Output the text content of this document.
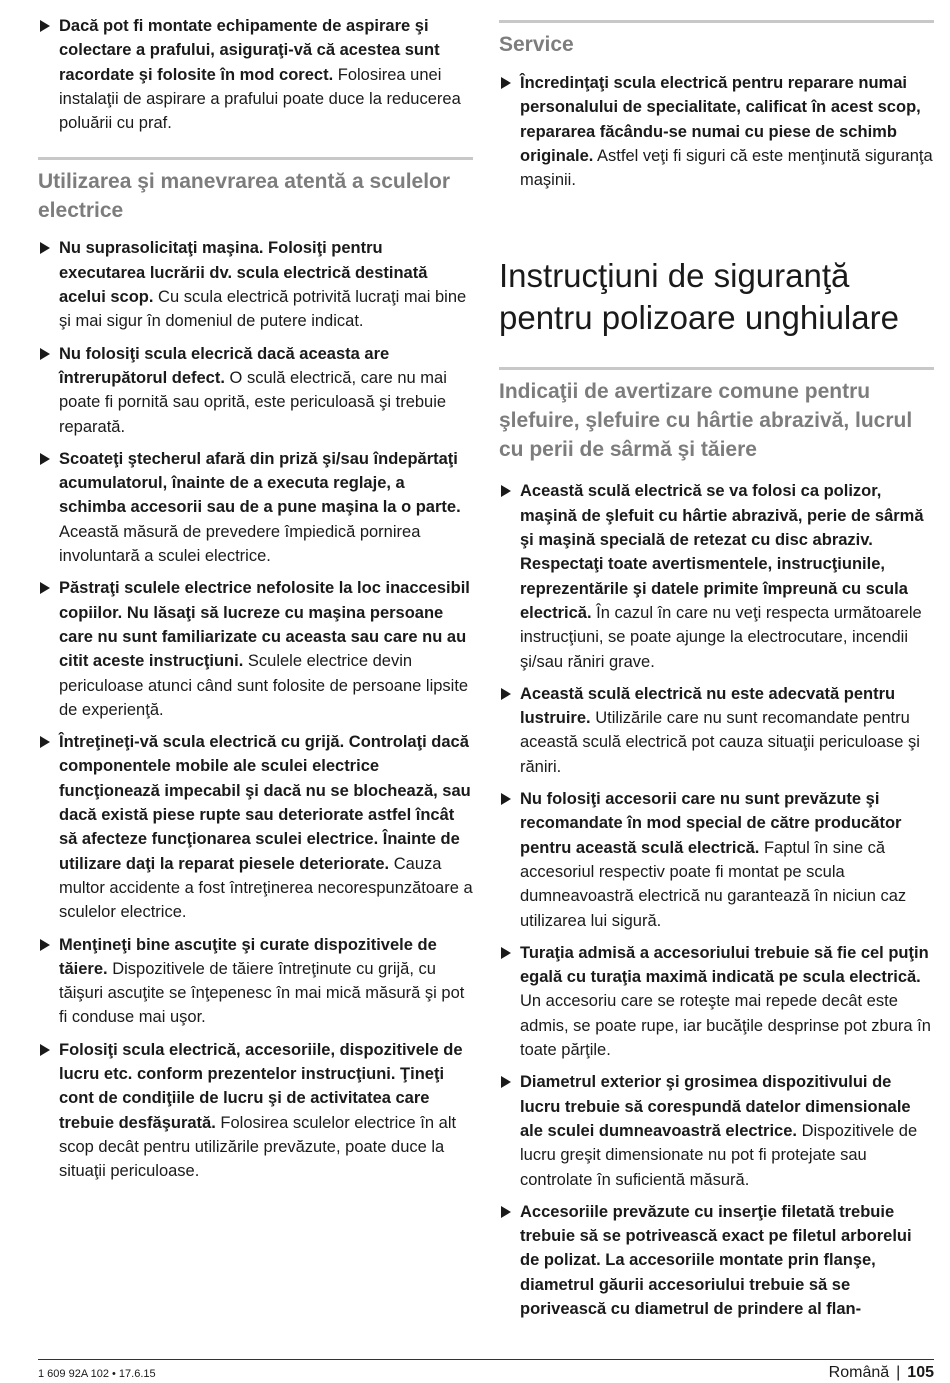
Dacă pot fi montate echipamente de aspirare şi colectare a prafului, asiguraţi-vă că acestea sunt racordate şi folosite în mod corect. Folosirea unei instalaţii de aspirare a prafului poate duce la reducerea poluării cu praf.
Utilizarea şi manevrarea atentă a sculelor electrice
Nu suprasolicitaţi maşina. Folosiţi pentru executarea lucrării dv. scula electrică destinată acelui scop. Cu scula electrică potrivită lucraţi mai bine şi mai sigur în domeniul de putere indicat.
Nu folosiţi scula elecrică dacă aceasta are întrerupătorul defect. O sculă electrică, care nu mai poate fi pornită sau oprită, este periculoasă şi trebuie reparată.
Scoateţi ştecherul afară din priză şi/sau îndepărtaţi acumulatorul, înainte de a executa reglaje, a schimba accesorii sau de a pune maşina la o parte. Această măsură de prevedere împiedică pornirea involuntară a sculei electrice.
Păstraţi sculele electrice nefolosite la loc inaccesibil copiilor. Nu lăsaţi să lucreze cu maşina persoane care nu sunt familiarizate cu aceasta sau care nu au citit aceste instrucţiuni. Sculele electrice devin periculoase atunci când sunt folosite de persoane lipsite de experienţă.
Întreţineţi-vă scula electrică cu grijă. Controlaţi dacă componentele mobile ale sculei electrice funcţionează impecabil şi dacă nu se blochează, sau dacă există piese rupte sau deteriorate astfel încât să afecteze funcţionarea sculei electrice. Înainte de utilizare daţi la reparat piesele deteriorate. Cauza multor accidente a fost întreţinerea necorespunzătoare a sculelor electrice.
Menţineţi bine ascuţite şi curate dispozitivele de tăiere. Dispozitivele de tăiere întreţinute cu grijă, cu tăişuri ascuţite se înţepenesc în mai mică măsură şi pot fi conduse mai uşor.
Folosiţi scula electrică, accesoriile, dispozitivele de lucru etc. conform prezentelor instrucţiuni. Ţineţi cont de condiţiile de lucru şi de activitatea care trebuie desfăşurată. Folosirea sculelor electrice în alt scop decât pentru utilizările prevăzute, poate duce la situaţii periculoase.
Service
Încredinţaţi scula electrică pentru reparare numai personalului de specialitate, calificat în acest scop, repararea făcându-se numai cu piese de schimb originale. Astfel veţi fi siguri că este menţinută siguranţa maşinii.
Instrucţiuni de siguranţă pentru polizoare unghiulare
Indicaţii de avertizare comune pentru şlefuire, şlefuire cu hârtie abrazivă, lucrul cu perii de sârmă şi tăiere
Această sculă electrică se va folosi ca polizor, maşină de şlefuit cu hârtie abrazivă, perie de sârmă şi maşină specială de retezat cu disc abraziv. Respectaţi toate avertismentele, instrucţiunile, reprezentările şi datele primite împreună cu scula electrică. În cazul în care nu veţi respecta următoarele instrucţiuni, se poate ajunge la electrocutare, incendii şi/sau răniri grave.
Această sculă electrică nu este adecvată pentru lustruire. Utilizările care nu sunt recomandate pentru această sculă electrică pot cauza situaţii periculoase şi răniri.
Nu folosiţi accesorii care nu sunt prevăzute şi recomandate în mod special de către producător pentru această sculă electrică. Faptul în sine că accesoriul respectiv poate fi montat pe scula dumneavoastră electrică nu garantează în niciun caz utilizarea lui sigură.
Turaţia admisă a accesoriului trebuie să fie cel puţin egală cu turaţia maximă indicată pe scula electrică. Un accesoriu care se roteşte mai repede decât este admis, se poate rupe, iar bucăţile desprinse pot zbura în toate părţile.
Diametrul exterior şi grosimea dispozitivului de lucru trebuie să corespundă datelor dimensionale ale sculei dumneavoastră electrice. Dispozitivele de lucru greşit dimensionate nu pot fi protejate sau controlate în suficientă măsură.
Accesoriile prevăzute cu inserţie filetată trebuie trebuie să se potrivească exact pe filetul arborelui de polizat. La accesoriile montate prin flanşe, diametrul găurii accesoriului trebuie să se porivească cu diametrul de prindere al flan-
1 609 92A 102 • 17.6.15	Română | 105
